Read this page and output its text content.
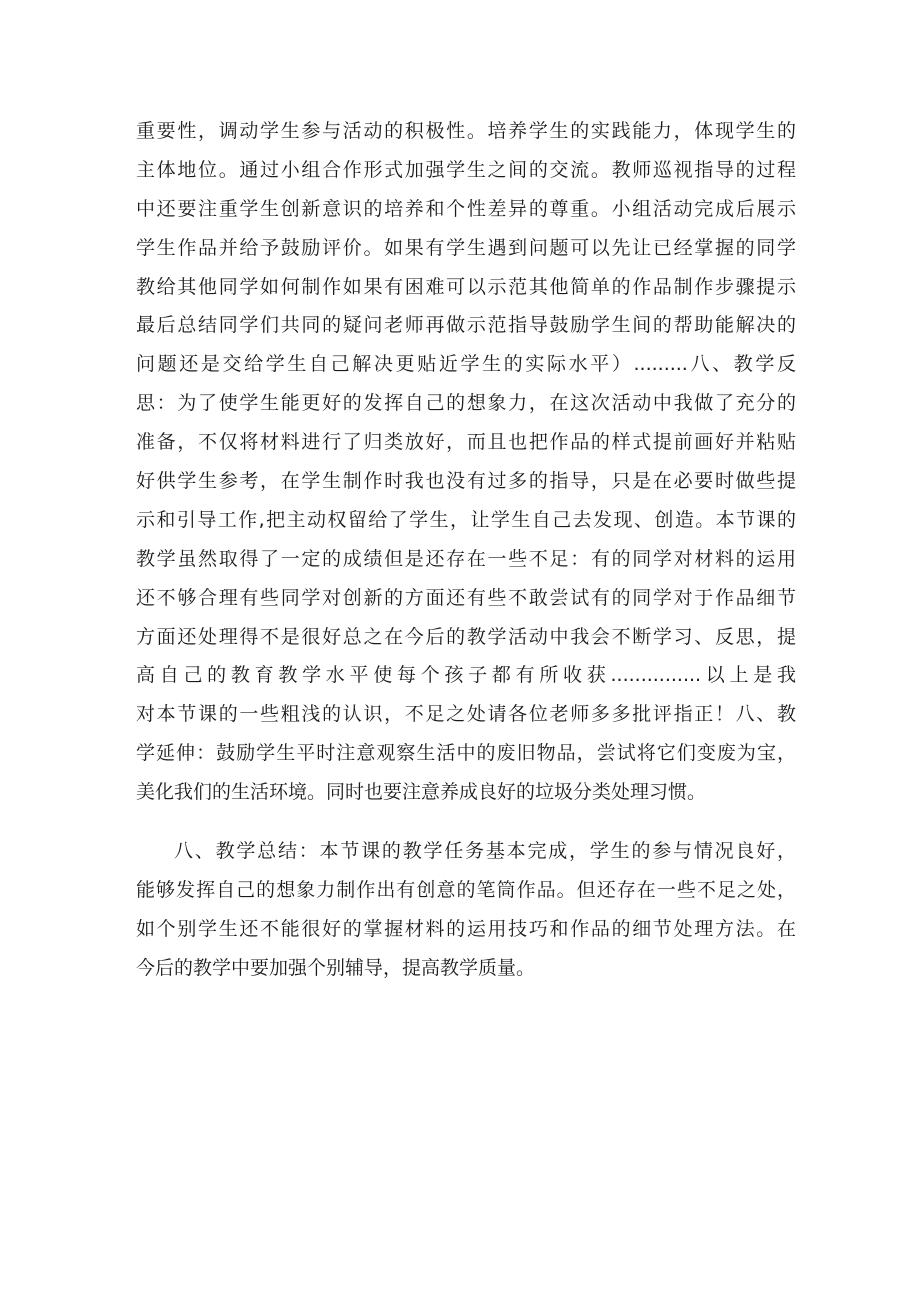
重要性，调动学生参与活动的积极性。培养学生的实践能力，体现学生的
主体地位。通过小组合作形式加强学生之间的交流。教师巡视指导的过程
中还要注重学生创新意识的培养和个性差异的尊重。小组活动完成后展示
学生作品并给予鼓励评价。如果有学生遇到问题可以先让已经掌握的同学
教给其他同学如何制作如果有困难可以示范其他简单的作品制作步骤提示
最后总结同学们共同的疑问老师再做示范指导鼓励学生间的帮助能解决的
问题还是交给学生自己解决更贴近学生的实际水平）.........八、教学反
思：为了使学生能更好的发挥自己的想象力，在这次活动中我做了充分的
准备，不仅将材料进行了归类放好，而且也把作品的样式提前画好并粘贴
好供学生参考，在学生制作时我也没有过多的指导，只是在必要时做些提
示和引导工作,把主动权留给了学生，让学生自己去发现、创造。本节课的
教学虽然取得了一定的成绩但是还存在一些不足：有的同学对材料的运用
还不够合理有些同学对创新的方面还有些不敢尝试有的同学对于作品细节
方面还处理得不是很好总之在今后的教学活动中我会不断学习、反思，提
高自己的教育教学水平使每个孩子都有所收获...............以上是我
对本节课的一些粗浅的认识，不足之处请各位老师多多批评指正！八、教
学延伸：鼓励学生平时注意观察生活中的废旧物品，尝试将它们变废为宝，
美化我们的生活环境。同时也要注意养成良好的垃圾分类处理习惯。
八、教学总结：本节课的教学任务基本完成，学生的参与情况良好，
能够发挥自己的想象力制作出有创意的笔筒作品。但还存在一些不足之处，
如个别学生还不能很好的掌握材料的运用技巧和作品的细节处理方法。在
今后的教学中要加强个别辅导，提高教学质量。
